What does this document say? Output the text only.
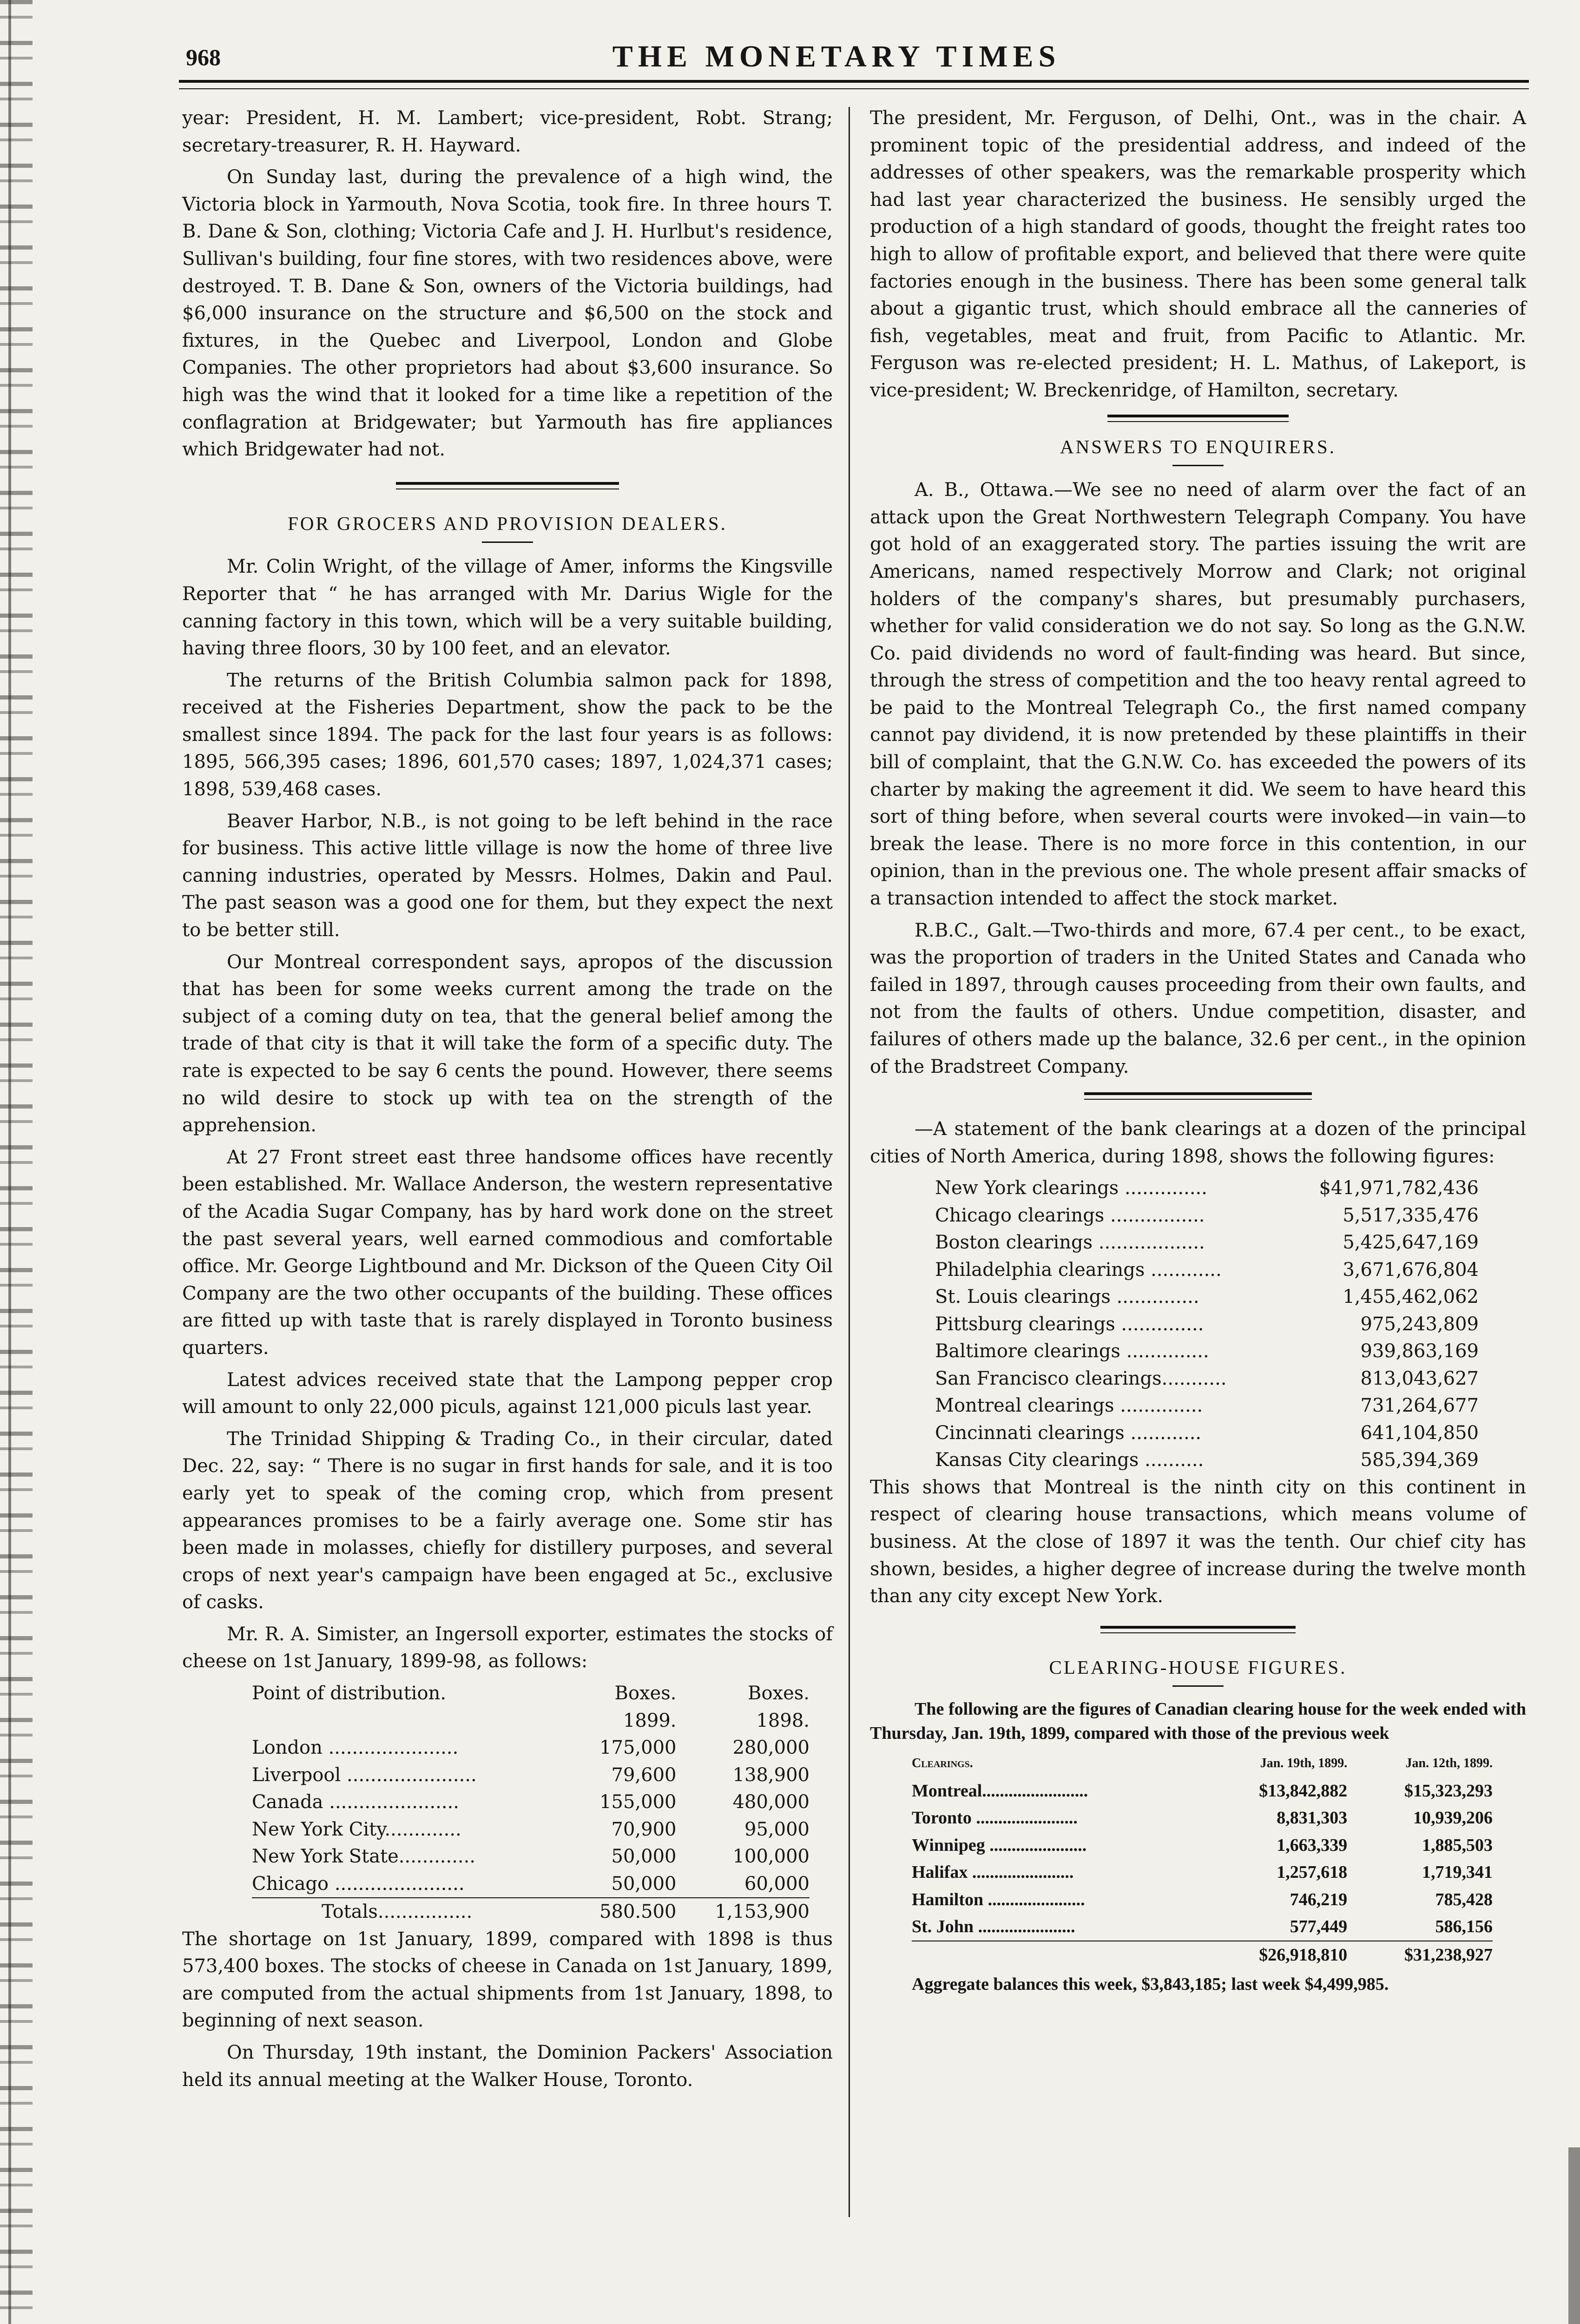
968	THE MONETARY TIMES

year: President, H. M. Lambert; vice-president, Robt. Strang; secretary-treasurer, R. H. Hayward.

On Sunday last, during the prevalence of a high wind, the Victoria block in Yarmouth, Nova Scotia, took fire. In three hours T. B. Dane & Son, clothing; Victoria Cafe and J. H. Hurlbut's residence, Sullivan's building, four fine stores, with two residences above, were destroyed. T. B. Dane & Son, owners of the Victoria buildings, had $6,000 insurance on the structure and $6,500 on the stock and fixtures, in the Quebec and Liverpool, London and Globe Companies. The other proprietors had about $3,600 insurance. So high was the wind that it looked for a time like a repetition of the conflagration at Bridgewater; but Yarmouth has fire appliances which Bridgewater had not.

FOR GROCERS AND PROVISION DEALERS.

Mr. Colin Wright, of the village of Amer, informs the Kingsville Reporter that “ he has arranged with Mr. Darius Wigle for the canning factory in this town, which will be a very suitable building, having three floors, 30 by 100 feet, and an elevator.

The returns of the British Columbia salmon pack for 1898, received at the Fisheries Department, show the pack to be the smallest since 1894. The pack for the last four years is as follows: 1895, 566,395 cases; 1896, 601,570 cases; 1897, 1,024,371 cases; 1898, 539,468 cases.

Beaver Harbor, N.B., is not going to be left behind in the race for business. This active little village is now the home of three live canning industries, operated by Messrs. Holmes, Dakin and Paul. The past season was a good one for them, but they expect the next to be better still.

Our Montreal correspondent says, apropos of the discussion that has been for some weeks current among the trade on the subject of a coming duty on tea, that the general belief among the trade of that city is that it will take the form of a specific duty. The rate is expected to be say 6 cents the pound. However, there seems no wild desire to stock up with tea on the strength of the apprehension.

At 27 Front street east three handsome offices have recently been established. Mr. Wallace Anderson, the western representative of the Acadia Sugar Company, has by hard work done on the street the past several years, well earned commodious and comfortable office. Mr. George Lightbound and Mr. Dickson of the Queen City Oil Company are the two other occupants of the building. These offices are fitted up with taste that is rarely displayed in Toronto business quarters.

Latest advices received state that the Lampong pepper crop will amount to only 22,000 piculs, against 121,000 piculs last year.

The Trinidad Shipping & Trading Co., in their circular, dated Dec. 22, say: “ There is no sugar in first hands for sale, and it is too early yet to speak of the coming crop, which from present appearances promises to be a fairly average one. Some stir has been made in molasses, chiefly for distillery purposes, and several crops of next year's campaign have been engaged at 5c., exclusive of casks.

Mr. R. A. Simister, an Ingersoll exporter, estimates the stocks of cheese on 1st January, 1899-98, as follows:

Point of distribution.	Boxes.	Boxes.
	1899.	1898.
London ......................	175,000	280,000
Liverpool ......................	79,600	138,900
Canada ......................	155,000	480,000
New York City.............	70,900	95,000
New York State.............	50,000	100,000
Chicago ......................	50,000	60,000
Totals................	580.500	1,153,900

The shortage on 1st January, 1899, compared with 1898 is thus 573,400 boxes. The stocks of cheese in Canada on 1st January, 1899, are computed from the actual shipments from 1st January, 1898, to beginning of next season.

On Thursday, 19th instant, the Dominion Packers' Association held its annual meeting at the Walker House, Toronto.

The president, Mr. Ferguson, of Delhi, Ont., was in the chair. A prominent topic of the presidential address, and indeed of the addresses of other speakers, was the remarkable prosperity which had last year characterized the business. He sensibly urged the production of a high standard of goods, thought the freight rates too high to allow of profitable export, and believed that there were quite factories enough in the business. There has been some general talk about a gigantic trust, which should embrace all the canneries of fish, vegetables, meat and fruit, from Pacific to Atlantic. Mr. Ferguson was re-elected president; H. L. Mathus, of Lakeport, is vice-president; W. Breckenridge, of Hamilton, secretary.

ANSWERS TO ENQUIRERS.

A. B., Ottawa.—We see no need of alarm over the fact of an attack upon the Great Northwestern Telegraph Company. You have got hold of an exaggerated story. The parties issuing the writ are Americans, named respectively Morrow and Clark; not original holders of the company's shares, but presumably purchasers, whether for valid consideration we do not say. So long as the G.N.W. Co. paid dividends no word of fault-finding was heard. But since, through the stress of competition and the too heavy rental agreed to be paid to the Montreal Telegraph Co., the first named company cannot pay dividend, it is now pretended by these plaintiffs in their bill of complaint, that the G.N.W. Co. has exceeded the powers of its charter by making the agreement it did. We seem to have heard this sort of thing before, when several courts were invoked—in vain—to break the lease. There is no more force in this contention, in our opinion, than in the previous one. The whole present affair smacks of a transaction intended to affect the stock market.

R.B.C., Galt.—Two-thirds and more, 67.4 per cent., to be exact, was the proportion of traders in the United States and Canada who failed in 1897, through causes proceeding from their own faults, and not from the faults of others. Undue competition, disaster, and failures of others made up the balance, 32.6 per cent., in the opinion of the Bradstreet Company.

—A statement of the bank clearings at a dozen of the principal cities of North America, during 1898, shows the following figures:

New York clearings ..............	$41,971,782,436
Chicago clearings ................	5,517,335,476
Boston clearings ..................	5,425,647,169
Philadelphia clearings ............	3,671,676,804
St. Louis clearings ..............	1,455,462,062
Pittsburg clearings ..............	975,243,809
Baltimore clearings ..............	939,863,169
San Francisco clearings...........	813,043,627
Montreal clearings ..............	731,264,677
Cincinnati clearings ............	641,104,850
Kansas City clearings ..........	585,394,369

This shows that Montreal is the ninth city on this continent in respect of clearing house transactions, which means volume of business. At the close of 1897 it was the tenth. Our chief city has shown, besides, a higher degree of increase during the twelve month than any city except New York.

CLEARING-HOUSE FIGURES.

The following are the figures of Canadian clearing house for the week ended with Thursday, Jan. 19th, 1899, compared with those of the previous week

Clearings.	Jan. 19th, 1899.	Jan. 12th, 1899.
Montreal........................	$13,842,882	$15,323,293
Toronto .......................	8,831,303	10,939,206
Winnipeg ......................	1,663,339	1,885,503
Halifax .......................	1,257,618	1,719,341
Hamilton ......................	746,219	785,428
St. John ......................	577,449	586,156
	$26,918,810	$31,238,927

Aggregate balances this week, $3,843,185; last week $4,499,985.
